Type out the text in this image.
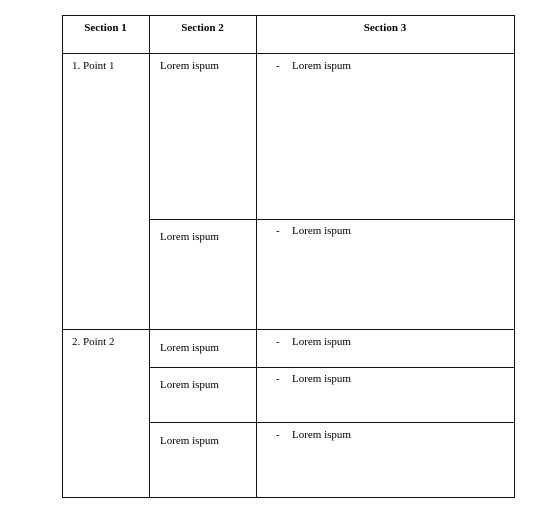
Section 1	Section 2	Section 3
1. Point 1	Lorem ispum	- Lorem ispum
Lorem ispum	- Lorem ispum
2. Point 2	Lorem ispum	- Lorem ispum
Lorem ispum	- Lorem ispum
Lorem ispum	- Lorem ispum
